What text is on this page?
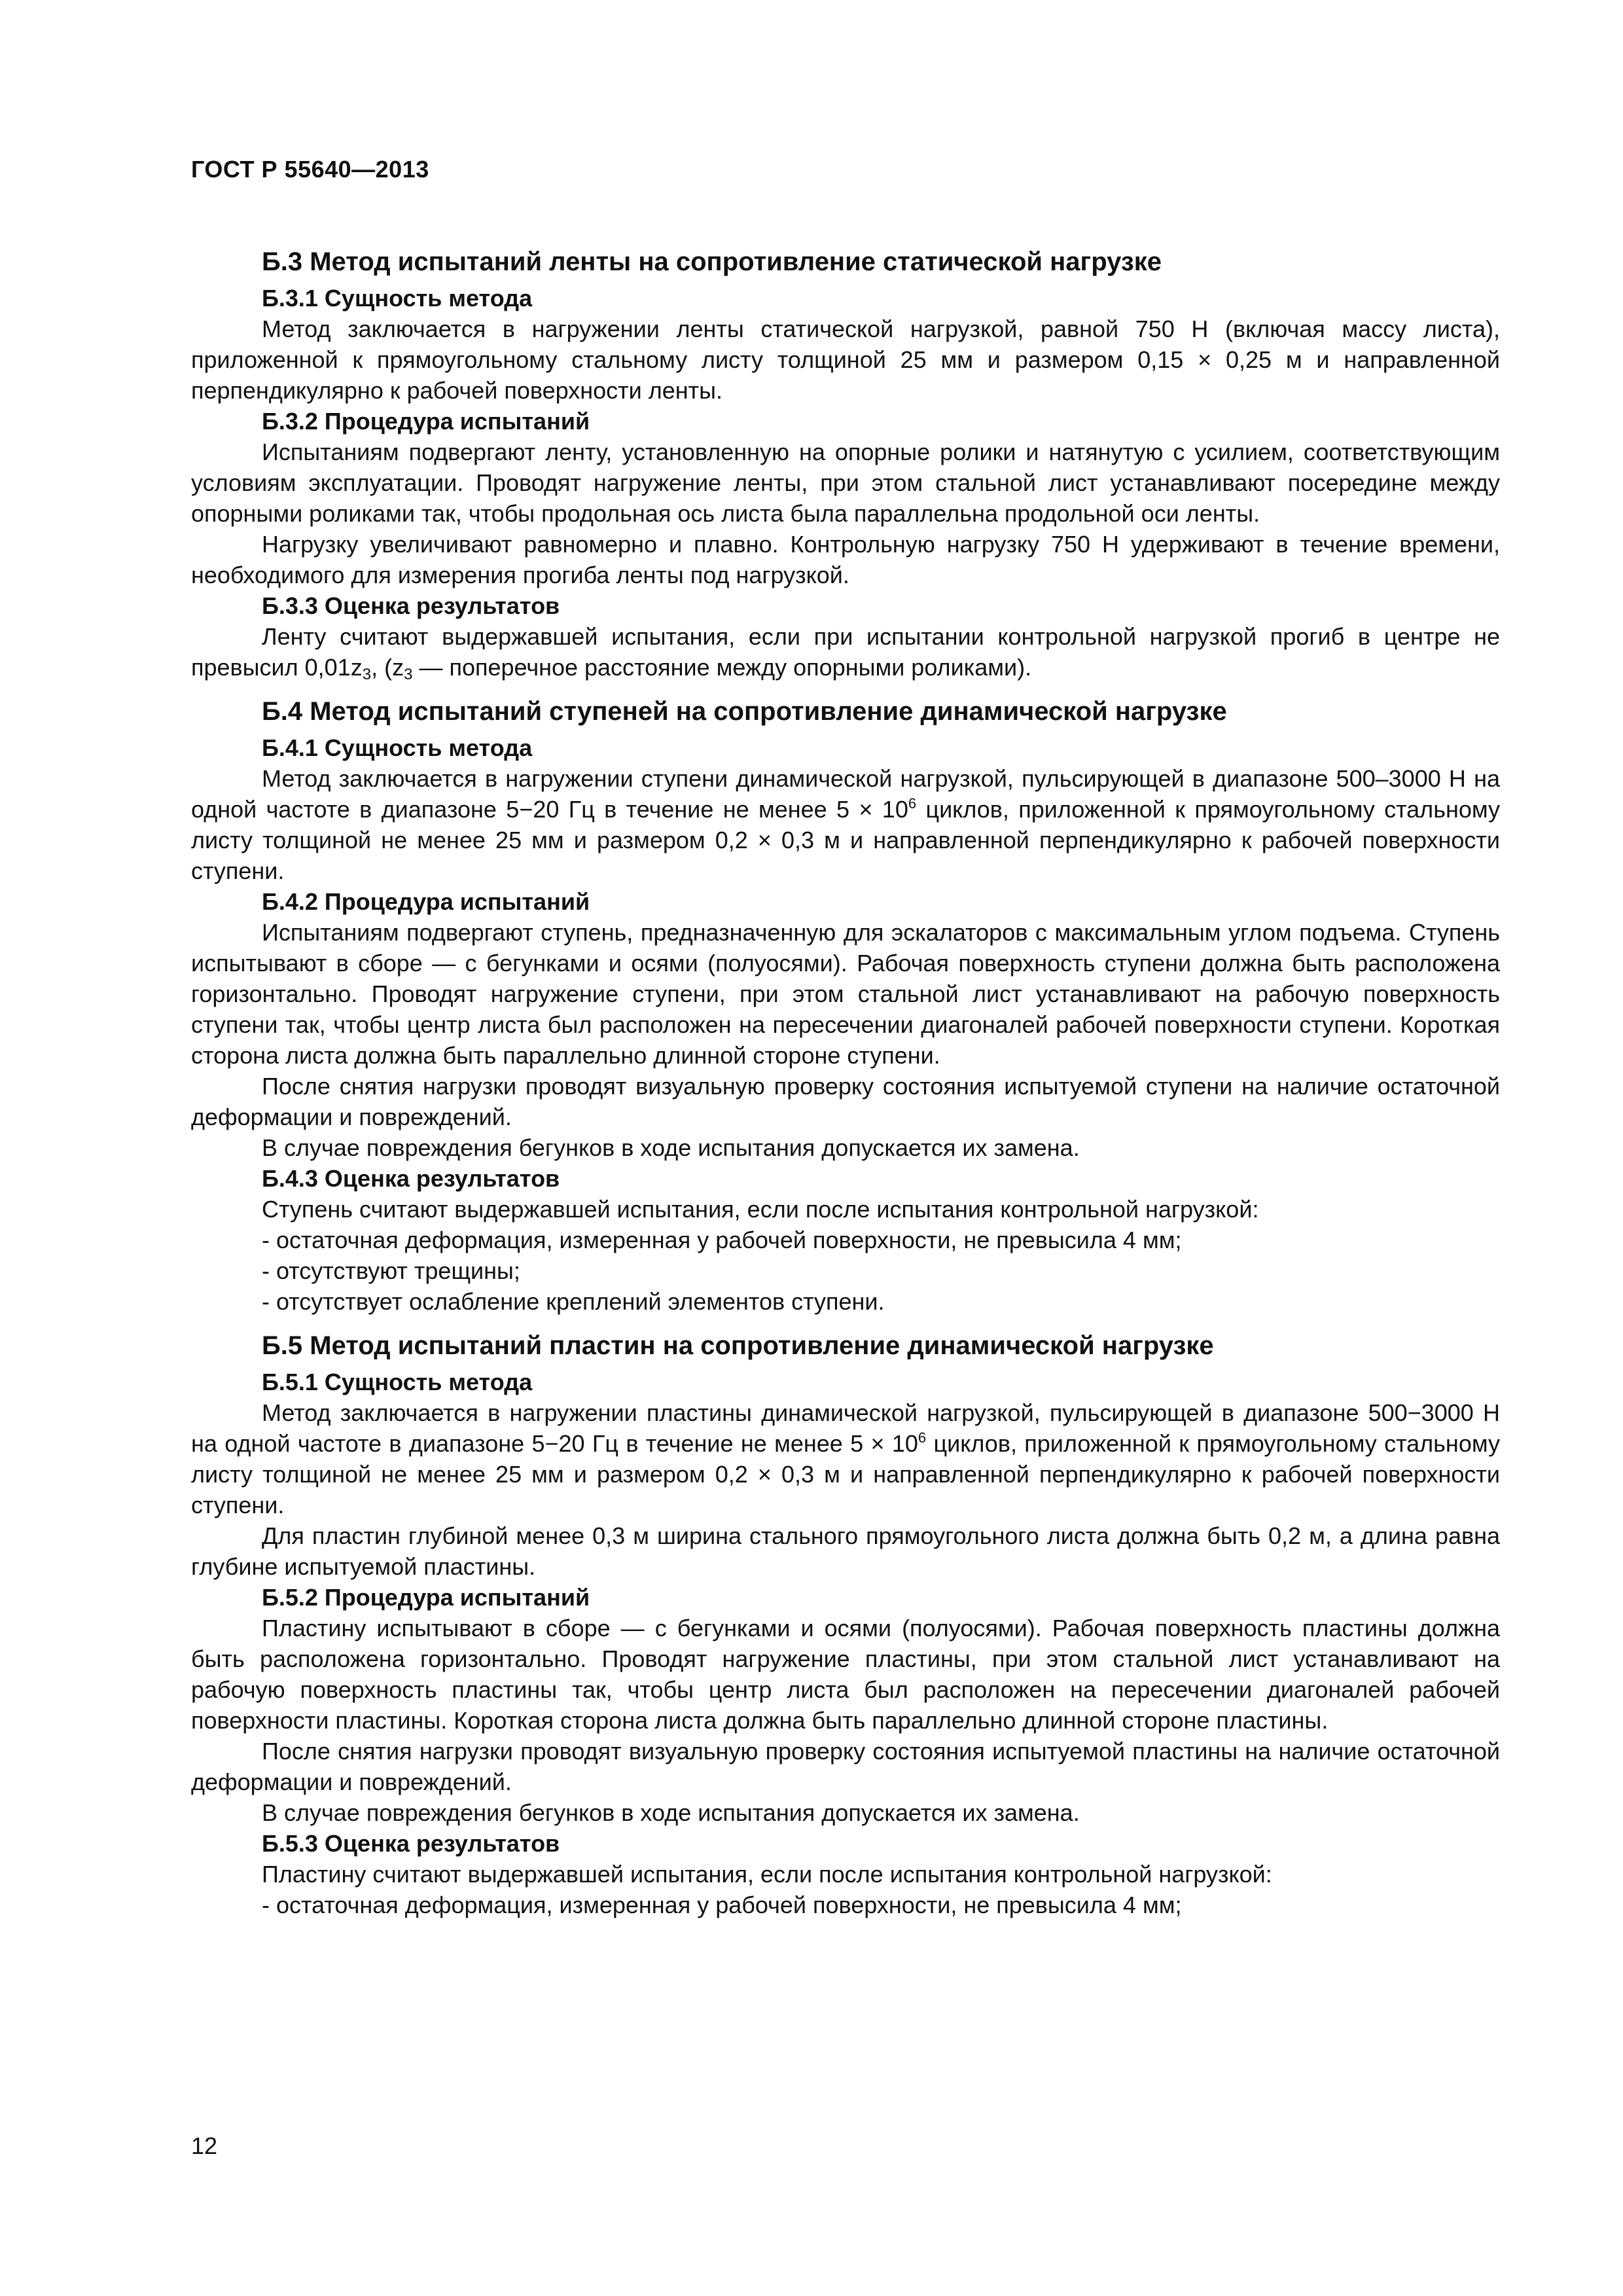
ГОСТ Р 55640—2013

Б.3 Метод испытаний ленты на сопротивление статической нагрузке

Б.3.1 Сущность метода

Метод заключается в нагружении ленты статической нагрузкой, равной 750 Н (включая массу листа), приложенной к прямоугольному стальному листу толщиной 25 мм и размером 0,15 × 0,25 м и направленной перпендикулярно к рабочей поверхности ленты.

Б.3.2 Процедура испытаний

Испытаниям подвергают ленту, установленную на опорные ролики и натянутую с усилием, соответствующим условиям эксплуатации. Проводят нагружение ленты, при этом стальной лист устанавливают посередине между опорными роликами так, чтобы продольная ось листа была параллельна продольной оси ленты.

Нагрузку увеличивают равномерно и плавно. Контрольную нагрузку 750 Н удерживают в течение времени, необходимого для измерения прогиба ленты под нагрузкой.

Б.3.3 Оценка результатов

Ленту считают выдержавшей испытания, если при испытании контрольной нагрузкой прогиб в центре не превысил $0,01z_3$, ($z_3$ — поперечное расстояние между опорными роликами).

Б.4 Метод испытаний ступеней на сопротивление динамической нагрузке

Б.4.1 Сущность метода

Метод заключается в нагружении ступени динамической нагрузкой, пульсирующей в диапазоне 500–3000 Н на одной частоте в диапазоне 5−20 Гц в течение не менее $5 \times 10^6$ циклов, приложенной к прямоугольному стальному листу толщиной не менее 25 мм и размером 0,2 × 0,3 м и направленной перпендикулярно к рабочей поверхности ступени.

Б.4.2 Процедура испытаний

Испытаниям подвергают ступень, предназначенную для эскалаторов с максимальным углом подъема. Ступень испытывают в сборе — с бегунками и осями (полуосями). Рабочая поверхность ступени должна быть расположена горизонтально. Проводят нагружение ступени, при этом стальной лист устанавливают на рабочую поверхность ступени так, чтобы центр листа был расположен на пересечении диагоналей рабочей поверхности ступени. Короткая сторона листа должна быть параллельно длинной стороне ступени.

После снятия нагрузки проводят визуальную проверку состояния испытуемой ступени на наличие остаточной деформации и повреждений.

В случае повреждения бегунков в ходе испытания допускается их замена.

Б.4.3 Оценка результатов

Ступень считают выдержавшей испытания, если после испытания контрольной нагрузкой:

- остаточная деформация, измеренная у рабочей поверхности, не превысила 4 мм;

- отсутствуют трещины;

- отсутствует ослабление креплений элементов ступени.

Б.5 Метод испытаний пластин на сопротивление динамической нагрузке

Б.5.1 Сущность метода

Метод заключается в нагружении пластины динамической нагрузкой, пульсирующей в диапазоне 500−3000 Н на одной частоте в диапазоне 5−20 Гц в течение не менее $5 \times 10^6$ циклов, приложенной к прямоугольному стальному листу толщиной не менее 25 мм и размером 0,2 × 0,3 м и направленной перпендикулярно к рабочей поверхности ступени.

Для пластин глубиной менее 0,3 м ширина стального прямоугольного листа должна быть 0,2 м, а длина равна глубине испытуемой пластины.

Б.5.2 Процедура испытаний

Пластину испытывают в сборе — с бегунками и осями (полуосями). Рабочая поверхность пластины должна быть расположена горизонтально. Проводят нагружение пластины, при этом стальной лист устанавливают на рабочую поверхность пластины так, чтобы центр листа был расположен на пересечении диагоналей рабочей поверхности пластины. Короткая сторона листа должна быть параллельно длинной стороне пластины.

После снятия нагрузки проводят визуальную проверку состояния испытуемой пластины на наличие остаточной деформации и повреждений.

В случае повреждения бегунков в ходе испытания допускается их замена.

Б.5.3 Оценка результатов

Пластину считают выдержавшей испытания, если после испытания контрольной нагрузкой:

- остаточная деформация, измеренная у рабочей поверхности, не превысила 4 мм;

12
